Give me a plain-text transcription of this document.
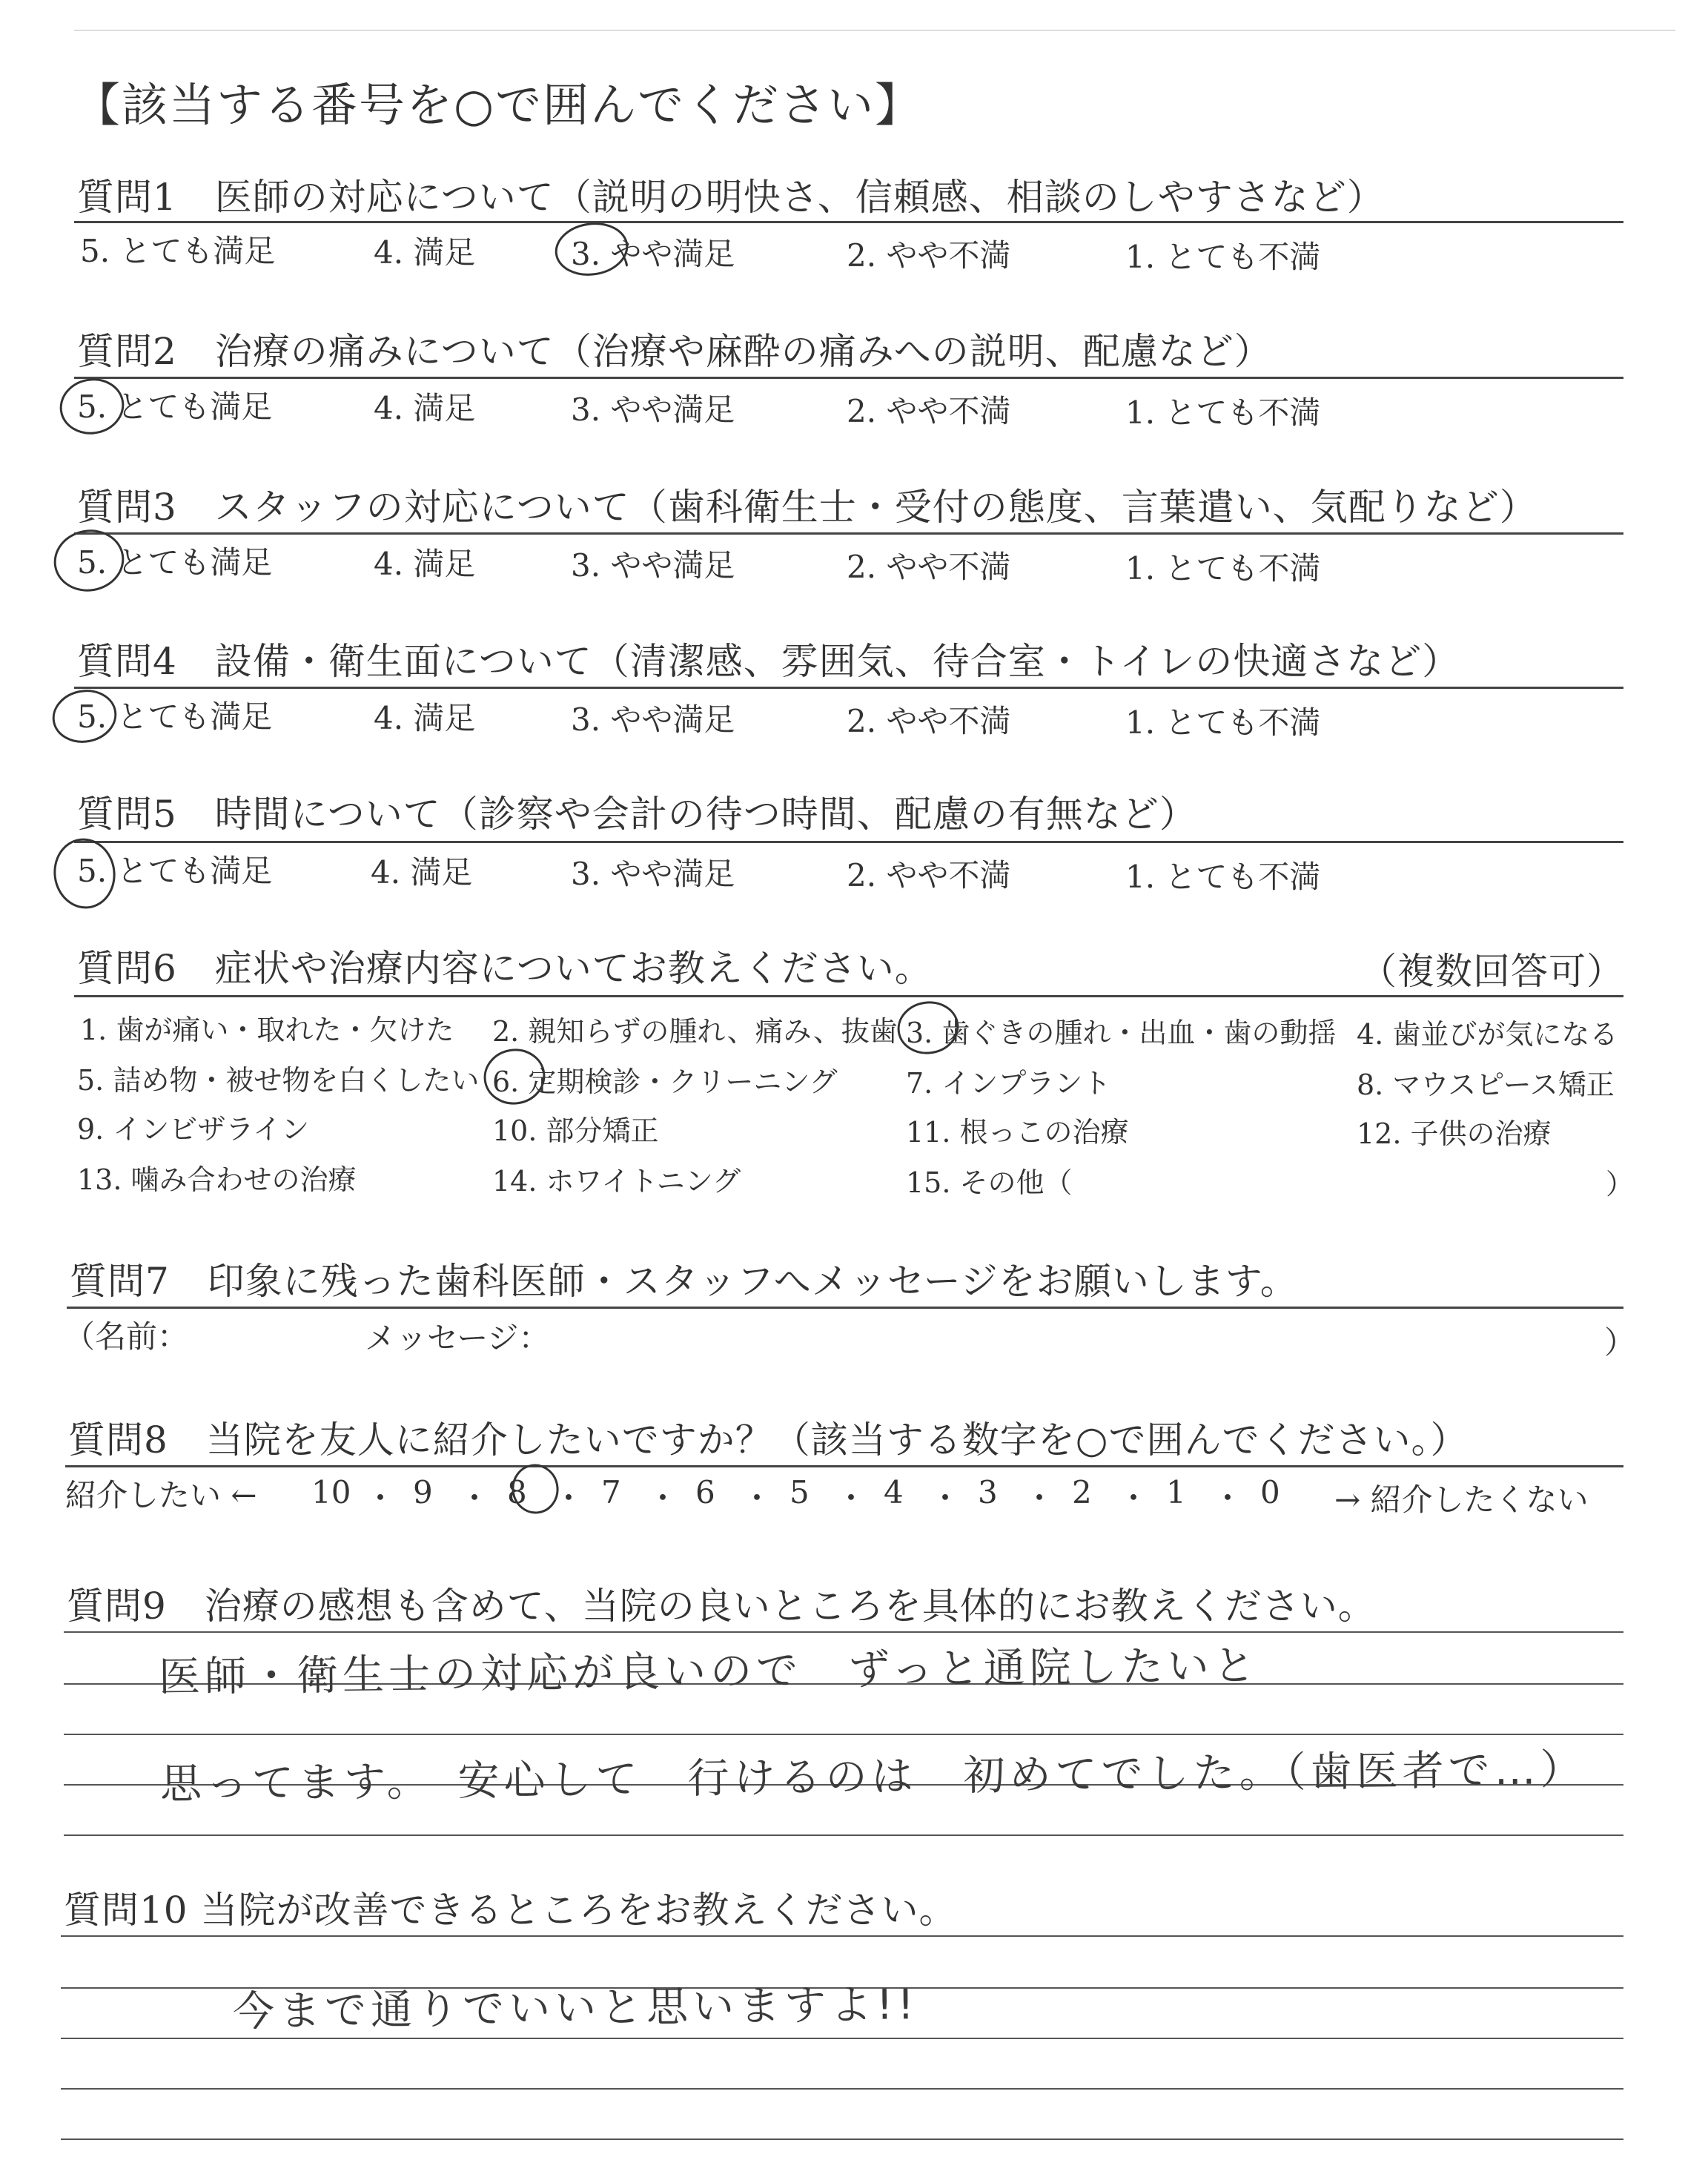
【該当する番号を○で囲んでください】
質問1　医師の対応について（説明の明快さ、信頼感、相談のしやすさなど）
5. とても満足	4. 満足	3. やや満足	2. やや不満	1. とても不満
質問2　治療の痛みについて（治療や麻酔の痛みへの説明、配慮など）
5. とても満足	4. 満足	3. やや満足	2. やや不満	1. とても不満
質問3　スタッフの対応について（歯科衛生士・受付の態度、言葉遣い、気配りなど）
5. とても満足	4. 満足	3. やや満足	2. やや不満	1. とても不満
質問4　設備・衛生面について（清潔感、雰囲気、待合室・トイレの快適さなど）
5. とても満足	4. 満足	3. やや満足	2. やや不満	1. とても不満
質問5　時間について（診察や会計の待つ時間、配慮の有無など）
5. とても満足	4. 満足	3. やや満足	2. やや不満	1. とても不満
質問6　症状や治療内容についてお教えください。	（複数回答可）
1. 歯が痛い・取れた・欠けた 2. 親知らずの腫れ、痛み、抜歯 3. 歯ぐきの腫れ・出血・歯の動揺 4. 歯並びが気になる
5. 詰め物・被せ物を白くしたい 6. 定期検診・クリーニング 7. インプラント	8. マウスピース矯正
9. インビザライン	10. 部分矯正	11. 根っこの治療	12. 子供の治療
13. 噛み合わせの治療	14. ホワイトニング	15. その他（	）
質問7　印象に残った歯科医師・スタッフへメッセージをお願いします。
（名前：	メッセージ：	）
質問8　当院を友人に紹介したいですか？（該当する数字を○で囲んでください。）
紹介したい ← 10 ・ 9 ・ 8 ・ 7 ・ 6 ・ 5 ・ 4 ・ 3 ・ 2 ・ 1 ・ 0 → 紹介したくない
質問9　治療の感想も含めて、当院の良いところを具体的にお教えください。
医師・衛生士の対応が良いので　ずっと通院したいと
思ってます。　安心して　行けるのは　初めてでした。（歯医者で…）
質問10 当院が改善できるところをお教えください。
今まで通りでいいと思いますよ!!
